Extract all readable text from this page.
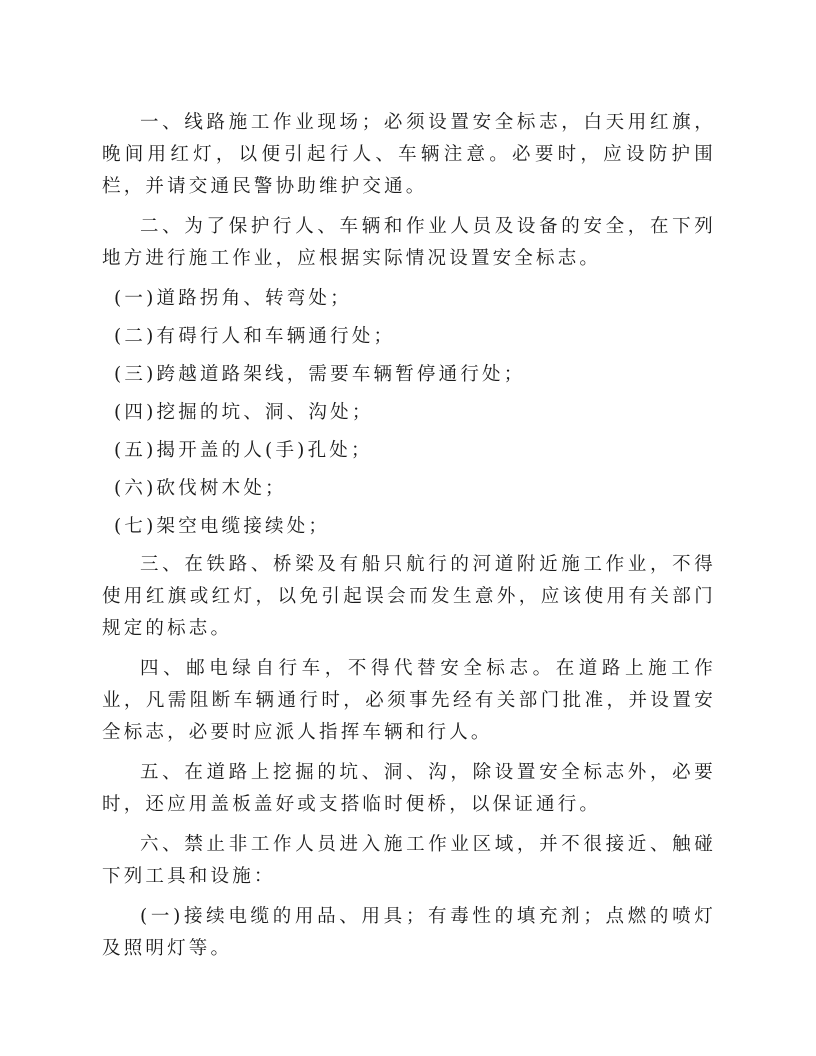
一、线路施工作业现场；必须设置安全标志，白天用红旗，晚间用红灯，以便引起行人、车辆注意。必要时，应设防护围栏，并请交通民警协助维护交通。

二、为了保护行人、车辆和作业人员及设备的安全，在下列地方进行施工作业，应根据实际情况设置安全标志。

(一)道路拐角、转弯处；

(二)有碍行人和车辆通行处；

(三)跨越道路架线，需要车辆暂停通行处；

(四)挖掘的坑、洞、沟处；

(五)揭开盖的人(手)孔处；

(六)砍伐树木处；

(七)架空电缆接续处；

三、在铁路、桥梁及有船只航行的河道附近施工作业，不得使用红旗或红灯，以免引起误会而发生意外，应该使用有关部门规定的标志。

四、邮电绿自行车，不得代替安全标志。在道路上施工作业，凡需阻断车辆通行时，必须事先经有关部门批准，并设置安全标志，必要时应派人指挥车辆和行人。

五、在道路上挖掘的坑、洞、沟，除设置安全标志外，必要时，还应用盖板盖好或支搭临时便桥，以保证通行。

六、禁止非工作人员进入施工作业区域，并不很接近、触碰下列工具和设施：

(一)接续电缆的用品、用具；有毒性的填充剂；点燃的喷灯及照明灯等。
